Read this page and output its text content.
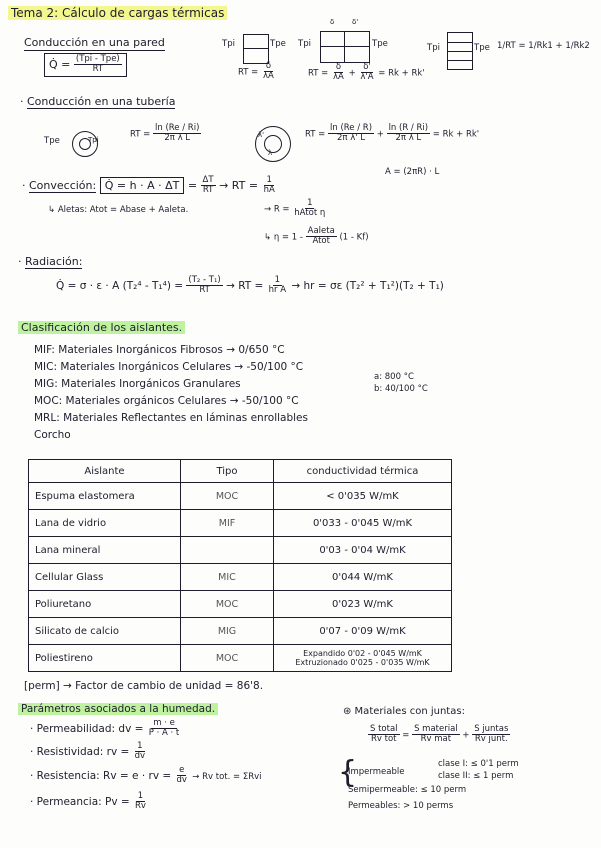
Tema 2: Cálculo de cargas térmicas
Conducción en una pared
Q̇ = $\frac{\text{(Tpi - Tpe)}}{RT}$
Tpi	Tpe
RT = $\frac{\delta}{\lambda A}$
δ	δ'
Tpi	Tpe
RT = $\frac{\delta}{\lambda A} + \frac{\delta'}{\lambda'A} = Rk + Rk'$
Tpi	Tpe 1/RT = 1/Rk1 + 1/Rk2
· Conducción en una tubería
Tpe	Tpi
RT = $\frac{\ln (Re / Ri)}{\text{2π λ L}}$	λ'
λ
RT = $\frac{\ln (Re / R)}{\text{2π λ' L}} + \frac{\ln (R / Ri)}{\text{2π λ L}} = Rk + Rk'$
· Convección: Q̇ = $h \cdot A \cdot \Delta T = \frac{\Delta T}{RT}$ → RT = $\frac{1}{hA}$
A = (2πR) · L
↳ Aletas: Atot = Abase + Aaleta.	→ $R = \frac{1}{\text{hAtot η}}$
↳ $\eta = 1 - \frac{\text{Aaleta}}{\text{Atot}} (1 - Kf)$
· Radiación:
Q̇ = σ · ε · A $(T_2^4 - T_1^4) = \frac{\text{(T₂ - T₁)}}{RT}$ → RT = $\frac{1}{\text{hr A}}$ → hr = σε (T₂² + T₁²)(T₂ + T₁)
Clasificación de los aislantes.
MIF: Materiales Inorgánicos Fibrosos → 0/650 °C
MIC: Materiales Inorgánicos Celulares → -50/100 °C
MIG: Materiales Inorgánicos Granulares
a: 800 °C
b: 40/100 °C
MOC: Materiales orgánicos Celulares → -50/100 °C
MRL: Materiales Reflectantes en láminas enrollables
Corcho
Aislante	Tipo	conductividad térmica
Espuma elastomera	MOC	< 0'035 W/mK
Lana de vidrio	MIF	0'033 - 0'045 W/mK
Lana mineral		0'03 - 0'04 W/mK
Cellular Glass	MIC	0'044 W/mK
Poliuretano	MOC	0'023 W/mK
Silicato de calcio	MIG	0'07 - 0'09 W/mK
Poliestireno	MOC	Expandido 0'02 - 0'045 W/mK
Extruzionado 0'025 - 0'035 W/mK
[perm] → Factor de cambio de unidad = 86'8.
Parámetros asociados a la humedad.
· Permeabilidad: dv = $\frac{m \cdot e}{P \cdot A \cdot t}$
· Resistividad: rv = $\frac{1}{dv}$
· Resistencia: Rv = e · rv = $\frac{e}{dv} \to Rv$ tot. = ΣRvi
· Permeancia: $Pv = \frac{1}{Rv}$
⊛ Materiales con juntas:
$\frac{\text{S total}}{\text{Rv tot}} = \frac{\text{S material}}{\text{Rv mat}} + \frac{\text{S juntas}}{\text{Rv junt.}}$
{
Impermeable
clase I: ≤ 0'1 perm
clase II: ≤ 1 perm
Semipermeable: ≤ 10 perm
Permeables: > 10 perms
